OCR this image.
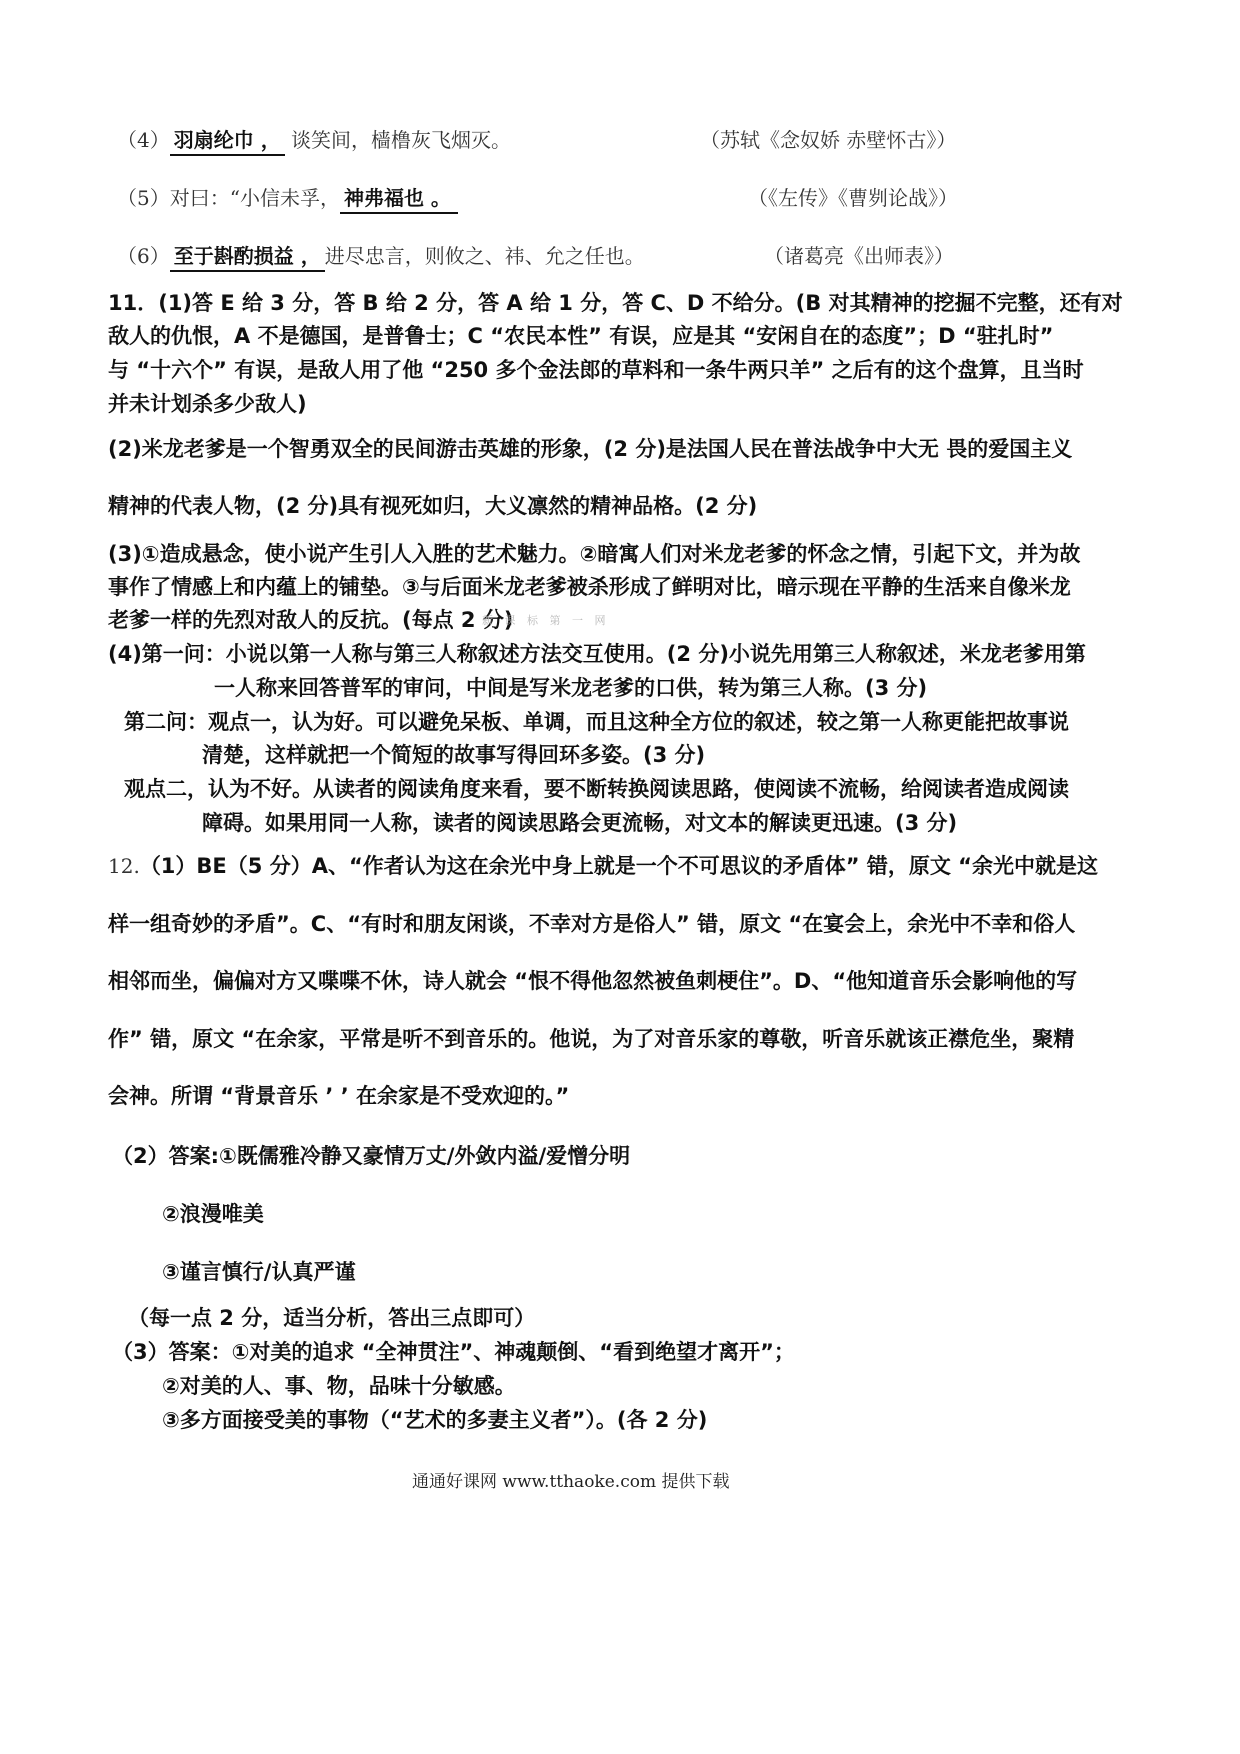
（4） 羽扇纶巾 ， 谈笑间，樯橹灰飞烟灭。	（苏轼《念奴娇 赤壁怀古》）
（5）对曰：“小信未孚， 神弗福也 。	（《左传》《曹刿论战》）
（6） 至于斟酌损益 ， 进尽忠言，则攸之、祎、允之任也。	（诸葛亮《出师表》）
11．(1)答 E 给 3 分，答 B 给 2 分，答 A 给 1 分，答 C、D 不给分。(B 对其精神的挖掘不完整，还有对
敌人的仇恨，A 不是德国，是普鲁士；C “农民本性” 有误，应是其 “安闲自在的态度”；D “驻扎时”
与 “十六个” 有误，是敌人用了他 “250 多个金法郎的草料和一条牛两只羊” 之后有的这个盘算，且当时
并未计划杀多少敌人)
(2)米龙老爹是一个智勇双全的民间游击英雄的形象，(2 分)是法国人民在普法战争中大无 畏的爱国主义
精神的代表人物，(2 分)具有视死如归，大义凛然的精神品格。(2 分)
(3)①造成悬念，使小说产生引人入胜的艺术魅力。②暗寓人们对米龙老爹的怀念之情，引起下文，并为故
事作了情感上和内蕴上的铺垫。③与后面米龙老爹被杀形成了鲜明对比，暗示现在平静的生活来自像米龙
老爹一样的先烈对敌人的反抗。(每点 2 分)
新 课 标 第 一 网
(4)第一问：小说以第一人称与第三人称叙述方法交互使用。(2 分)小说先用第三人称叙述，米龙老爹用第
一人称来回答普军的审问，中间是写米龙老爹的口供，转为第三人称。(3 分)
第二问：观点一，认为好。可以避免呆板、单调，而且这种全方位的叙述，较之第一人称更能把故事说
清楚，这样就把一个简短的故事写得回环多姿。(3 分)
观点二，认为不好。从读者的阅读角度来看，要不断转换阅读思路，使阅读不流畅，给阅读者造成阅读
障碍。如果用同一人称，读者的阅读思路会更流畅，对文本的解读更迅速。(3 分)
12.（1）BE（5 分）A、“作者认为这在余光中身上就是一个不可思议的矛盾体” 错，原文 “余光中就是这
样一组奇妙的矛盾”。C、“有时和朋友闲谈，不幸对方是俗人” 错，原文 “在宴会上，余光中不幸和俗人
相邻而坐，偏偏对方又喋喋不休，诗人就会 “恨不得他忽然被鱼刺梗住”。D、“他知道音乐会影响他的写
作” 错，原文 “在余家，平常是听不到音乐的。他说，为了对音乐家的尊敬，听音乐就该正襟危坐，聚精
会神。所谓 “背景音乐 ’ ’ 在余家是不受欢迎的。”
（2）答案:①既儒雅冷静又豪情万丈/外敛内溢/爱憎分明
②浪漫唯美
③谨言慎行/认真严谨
（每一点 2 分，适当分析，答出三点即可）
（3）答案：①对美的追求 “全神贯注”、神魂颠倒、“看到绝望才离开”；
②对美的人、事、物，品味十分敏感。
③多方面接受美的事物（“艺术的多妻主义者”）。(各 2 分)
通通好课网 www.tthaoke.com 提供下载
